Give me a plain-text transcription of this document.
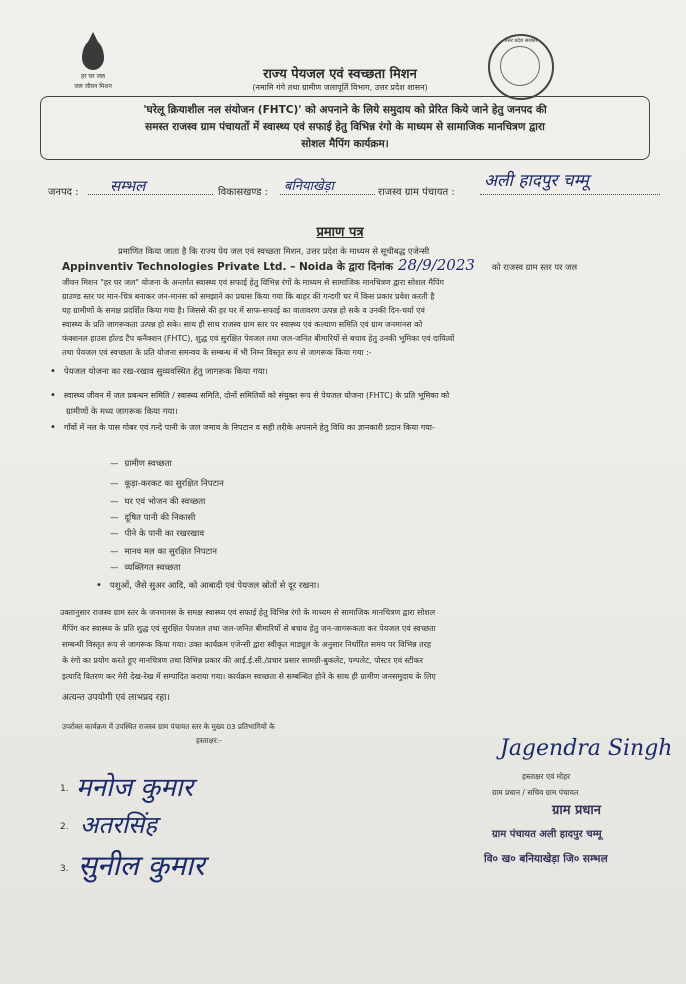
हर घर जल
जल जीवन मिशन
उत्तर प्रदेश सरकार
राज्य पेयजल एवं स्वच्छता मिशन
(नमामि गंगे तथा ग्रामीण जलापूर्ति विभाग, उत्तर प्रदेश शासन)
'घरेलू क्रियाशील नल संयोजन (FHTC)' को अपनाने के लिये समुदाय को प्रेरित किये जाने हेतु जनपद की
समस्त राजस्व ग्राम पंचायतों में स्वास्थ्य एवं सफाई हेतु विभिन्न रंगो के माध्यम से सामाजिक मानचित्रण द्वारा
सोशल मैपिंग कार्यक्रम।
जनपद : सम्भल	विकासखण्ड : बनियाखेड़ा	राजस्व ग्राम पंचायत :
अली हादपुर चम्मू
प्रमाण पत्र
प्रमाणित किया जाता है कि राज्य पेय जल एवं स्वच्छता मिशन, उत्तर प्रदेश के माध्यम से सूचीबद्ध एजेन्सी
Appinventiv Technologies Private Ltd. – Noida के द्वारा दिनांक 28/9/2023 को राजस्व ग्राम स्तर पर जल
जीवन मिशन "हर घर जल" योजना के अन्तर्गत स्वास्थ्य एवं सफाई हेतु विभिन्न रंगों के माध्यम से सामाजिक मानचित्रण द्वारा सोशल मैपिंग
ग्राउण्ड स्तर पर मान-चित्र बनाकर जन-मानस को समझाने का प्रयास किया गया कि बाहर की गन्दगी घर में किस प्रकार प्रवेश करती है
यह ग्रामीणों के समक्ष प्रदर्शित किया गया है। जिससे की हर घर में साफ-सफाई का वातावरण उत्पन्न हो सके व उनकी दिन-चर्या एवं
स्वास्थ्य के प्रति जागरूकता उत्पन्न हो सके। साथ ही साथ राजस्व ग्राम स्तर पर स्वास्थ्य एवं कल्याण समिति एवं ग्राम जनमानस को
फंक्शनल हाउस होल्ड टैप कनैक्शन (FHTC), शुद्ध एवं सुरक्षित पेयजल तथा जल-जनित बीमारियों से बचाव हेतु उनकी भूमिका एवं दायित्वों
तथा पेयजल एवं स्वच्छता के प्रति योजना समन्वय के सम्बन्ध में भी निम्न विस्तृत रूप से जागरूक किया गया :-
• पेयजल योजना का रख-रखाव सुव्यवस्थित हेतु जागरूक किया गया।
• स्वास्थ्य जीवन में जल प्रबन्धन समिति / स्वास्थ्य समिति, दोनों समितियों को संयुक्त रूप से पेयजल योजना (FHTC) के प्रति भूमिका को
ग्रामीणों के मध्य जागरूक किया गया।
• गाँवों में नल के पास गोबर एवं गन्दे पानी के जल जमाव के निपटान व सही तरीके अपनाने हेतु विधि का ज्ञानकारी प्रदान किया गया-
— ग्रामीण स्वच्छता
— कूड़ा-करकट का सुरक्षित निपटान
— घर एवं भोजन की स्वच्छता
— दूषित पानी की निकासी
— पीने के पानी का रखरखाव
— मानव मल का सुरक्षित निपटान
— व्यक्तिगत स्वच्छता
• पशुओं, जैसे सुअर आदि, को आबादी एवं पेयजल स्रोतों से दूर रखना।
उक्तानुसार राजस्व ग्राम स्तर के जनमानस के समक्ष स्वास्थ्य एवं सफाई हेतु विभिन्न रंगो के माध्यम से सामाजिक मानचित्रण द्वारा सोशल
मैपिंग कर स्वास्थ्य के प्रति शुद्ध एवं सुरक्षित पेयजल तथा जल-जनित बीमारियों से बचाव हेतु जन-जागरूकता कर पेयजल एवं स्वच्छता
सम्बन्धी विस्तृत रूप से जागरूक किया गया। उक्त कार्यक्रम एजेन्सी द्वारा स्वीकृत माड्यूल के अनुसार निर्धारित समय पर विभिन्न तरह
के रंगो का प्रयोग करते हुए मानचित्रण तथा विभिन्न प्रकार की आई.ई.सी./प्रचार प्रसार सामग्री-बुकलेट, पम्पलेट, पोस्टर एवं स्टीकर
इत्यादि वितरण कर मेरी देख-रेख में सम्पादित कराया गया। कार्यक्रम स्वच्छता से सम्बन्धित होने के साथ ही ग्रामीण जनसमुदाय के लिए
अत्यन्त उपयोगी एवं लाभप्रद रहा।
उपरोक्त कार्यक्रम में उपस्थित राजस्व ग्राम पंचायत स्तर के मुख्य 03 प्रतिभागियों के
हस्ताक्षर:-
1. मनोज कुमार
2. अतरसिंह
3. सुनील कुमार
Jagendra Singh
हस्ताक्षर एवं मोहर
ग्राम प्रधान / सचिव ग्राम पंचायत
ग्राम प्रधान
ग्राम पंचायत अली हादपुर चम्मू
वि० ख० बनियाखेड़ा जि० सम्भल
